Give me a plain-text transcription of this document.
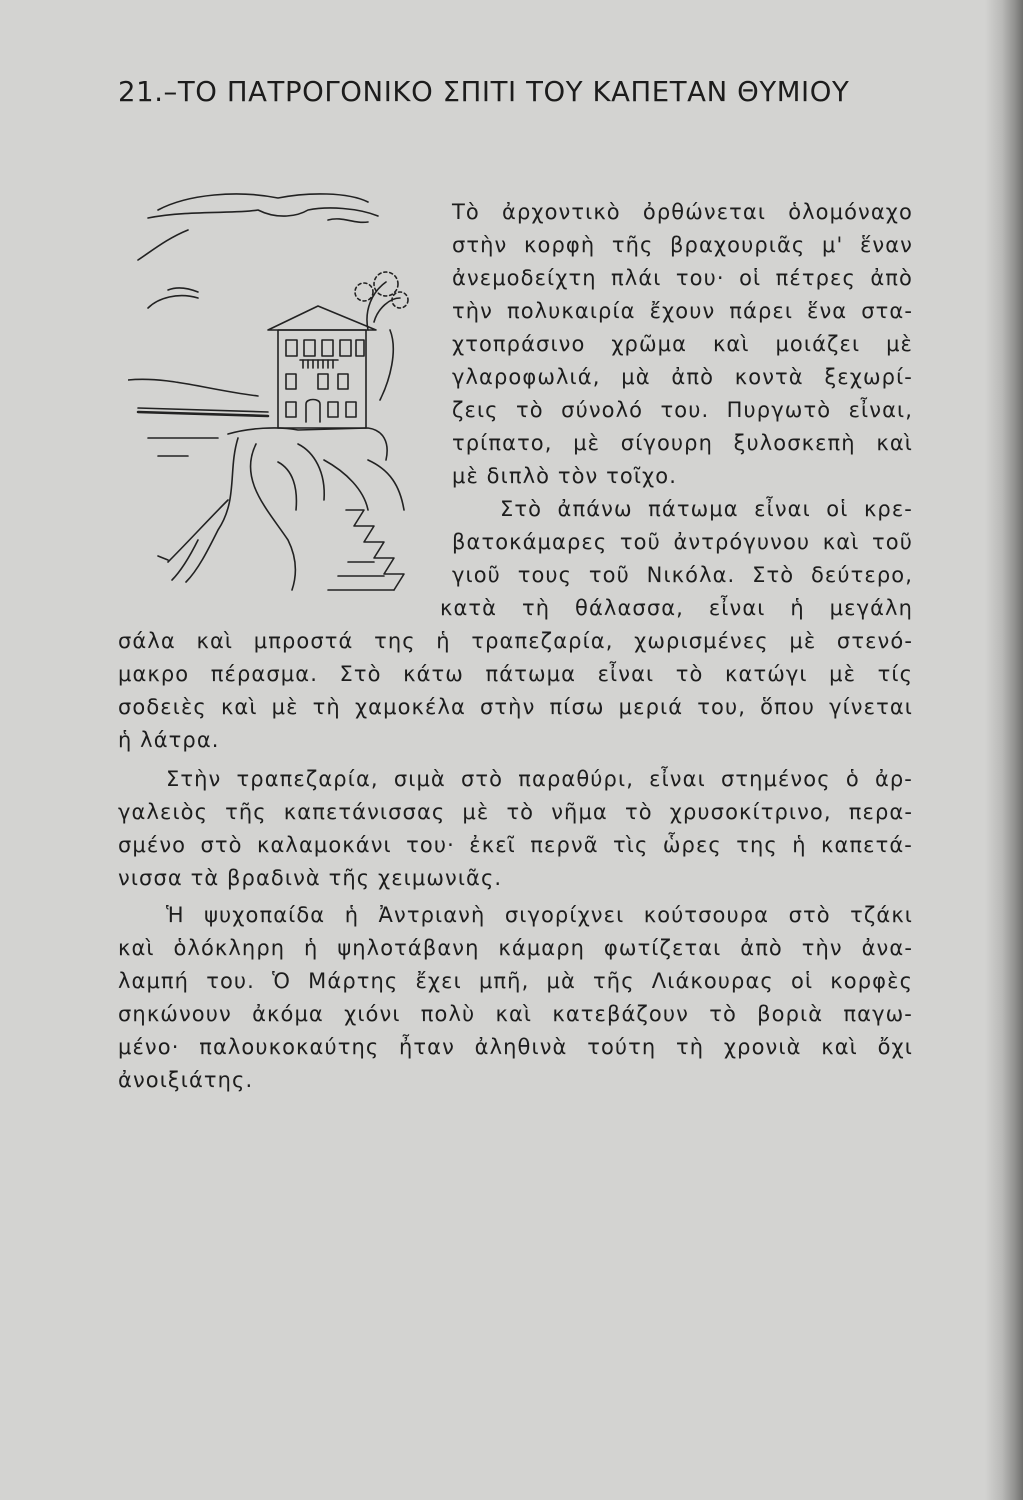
21.–ΤΟ ΠΑΤΡΟΓΟΝΙΚΟ ΣΠΙΤΙ ΤΟΥ ΚΑΠΕΤΑΝ ΘΥΜΙΟΥ
Τὸ ἀρχοντικὸ ὀρθώνεται ὁλομόναχο
στὴν κορφὴ τῆς βραχουριᾶς μ' ἕναν
ἀνεμοδείχτη πλάι του· οἱ πέτρες ἀπὸ
τὴν πολυκαιρία ἔχουν πάρει ἕνα στα-
χτοπράσινο χρῶμα καὶ μοιάζει μὲ
γλαροφωλιά, μὰ ἀπὸ κοντὰ ξεχωρί-
ζεις τὸ σύνολό του. Πυργωτὸ εἶναι,
τρίπατο, μὲ σίγουρη ξυλοσκεπὴ καὶ
μὲ διπλὸ τὸν τοῖχο.
Στὸ ἀπάνω πάτωμα εἶναι οἱ κρε-
βατοκάμαρες τοῦ ἀντρόγυνου καὶ τοῦ
γιοῦ τους τοῦ Νικόλα. Στὸ δεύτερο,
κατὰ τὴ θάλασσα, εἶναι ἡ μεγάλη
σάλα καὶ μπροστά της ἡ τραπεζαρία, χωρισμένες μὲ στενό-
μακρο πέρασμα. Στὸ κάτω πάτωμα εἶναι τὸ κατώγι μὲ τίς
σοδειὲς καὶ μὲ τὴ χαμοκέλα στὴν πίσω μεριά του, ὅπου γίνεται
ἡ λάτρα.
Στὴν τραπεζαρία, σιμὰ στὸ παραθύρι, εἶναι στημένος ὁ ἀρ-
γαλειὸς τῆς καπετάνισσας μὲ τὸ νῆμα τὸ χρυσοκίτρινο, περα-
σμένο στὸ καλαμοκάνι του· ἐκεῖ περνᾶ τὶς ὧρες της ἡ καπετά-
νισσα τὰ βραδινὰ τῆς χειμωνιᾶς.
Ἡ ψυχοπαίδα ἡ Ἀντριανὴ σιγορίχνει κούτσουρα στὸ τζάκι
καὶ ὁλόκληρη ἡ ψηλοτάβανη κάμαρη φωτίζεται ἀπὸ τὴν ἀνα-
λαμπή του. Ὁ Μάρτης ἔχει μπῆ, μὰ τῆς Λιάκουρας οἱ κορφὲς
σηκώνουν ἀκόμα χιόνι πολὺ καὶ κατεβάζουν τὸ βοριὰ παγω-
μένο· παλουκοκαύτης ἦταν ἀληθινὰ τούτη τὴ χρονιὰ καὶ ὄχι
ἀνοιξιάτης.
